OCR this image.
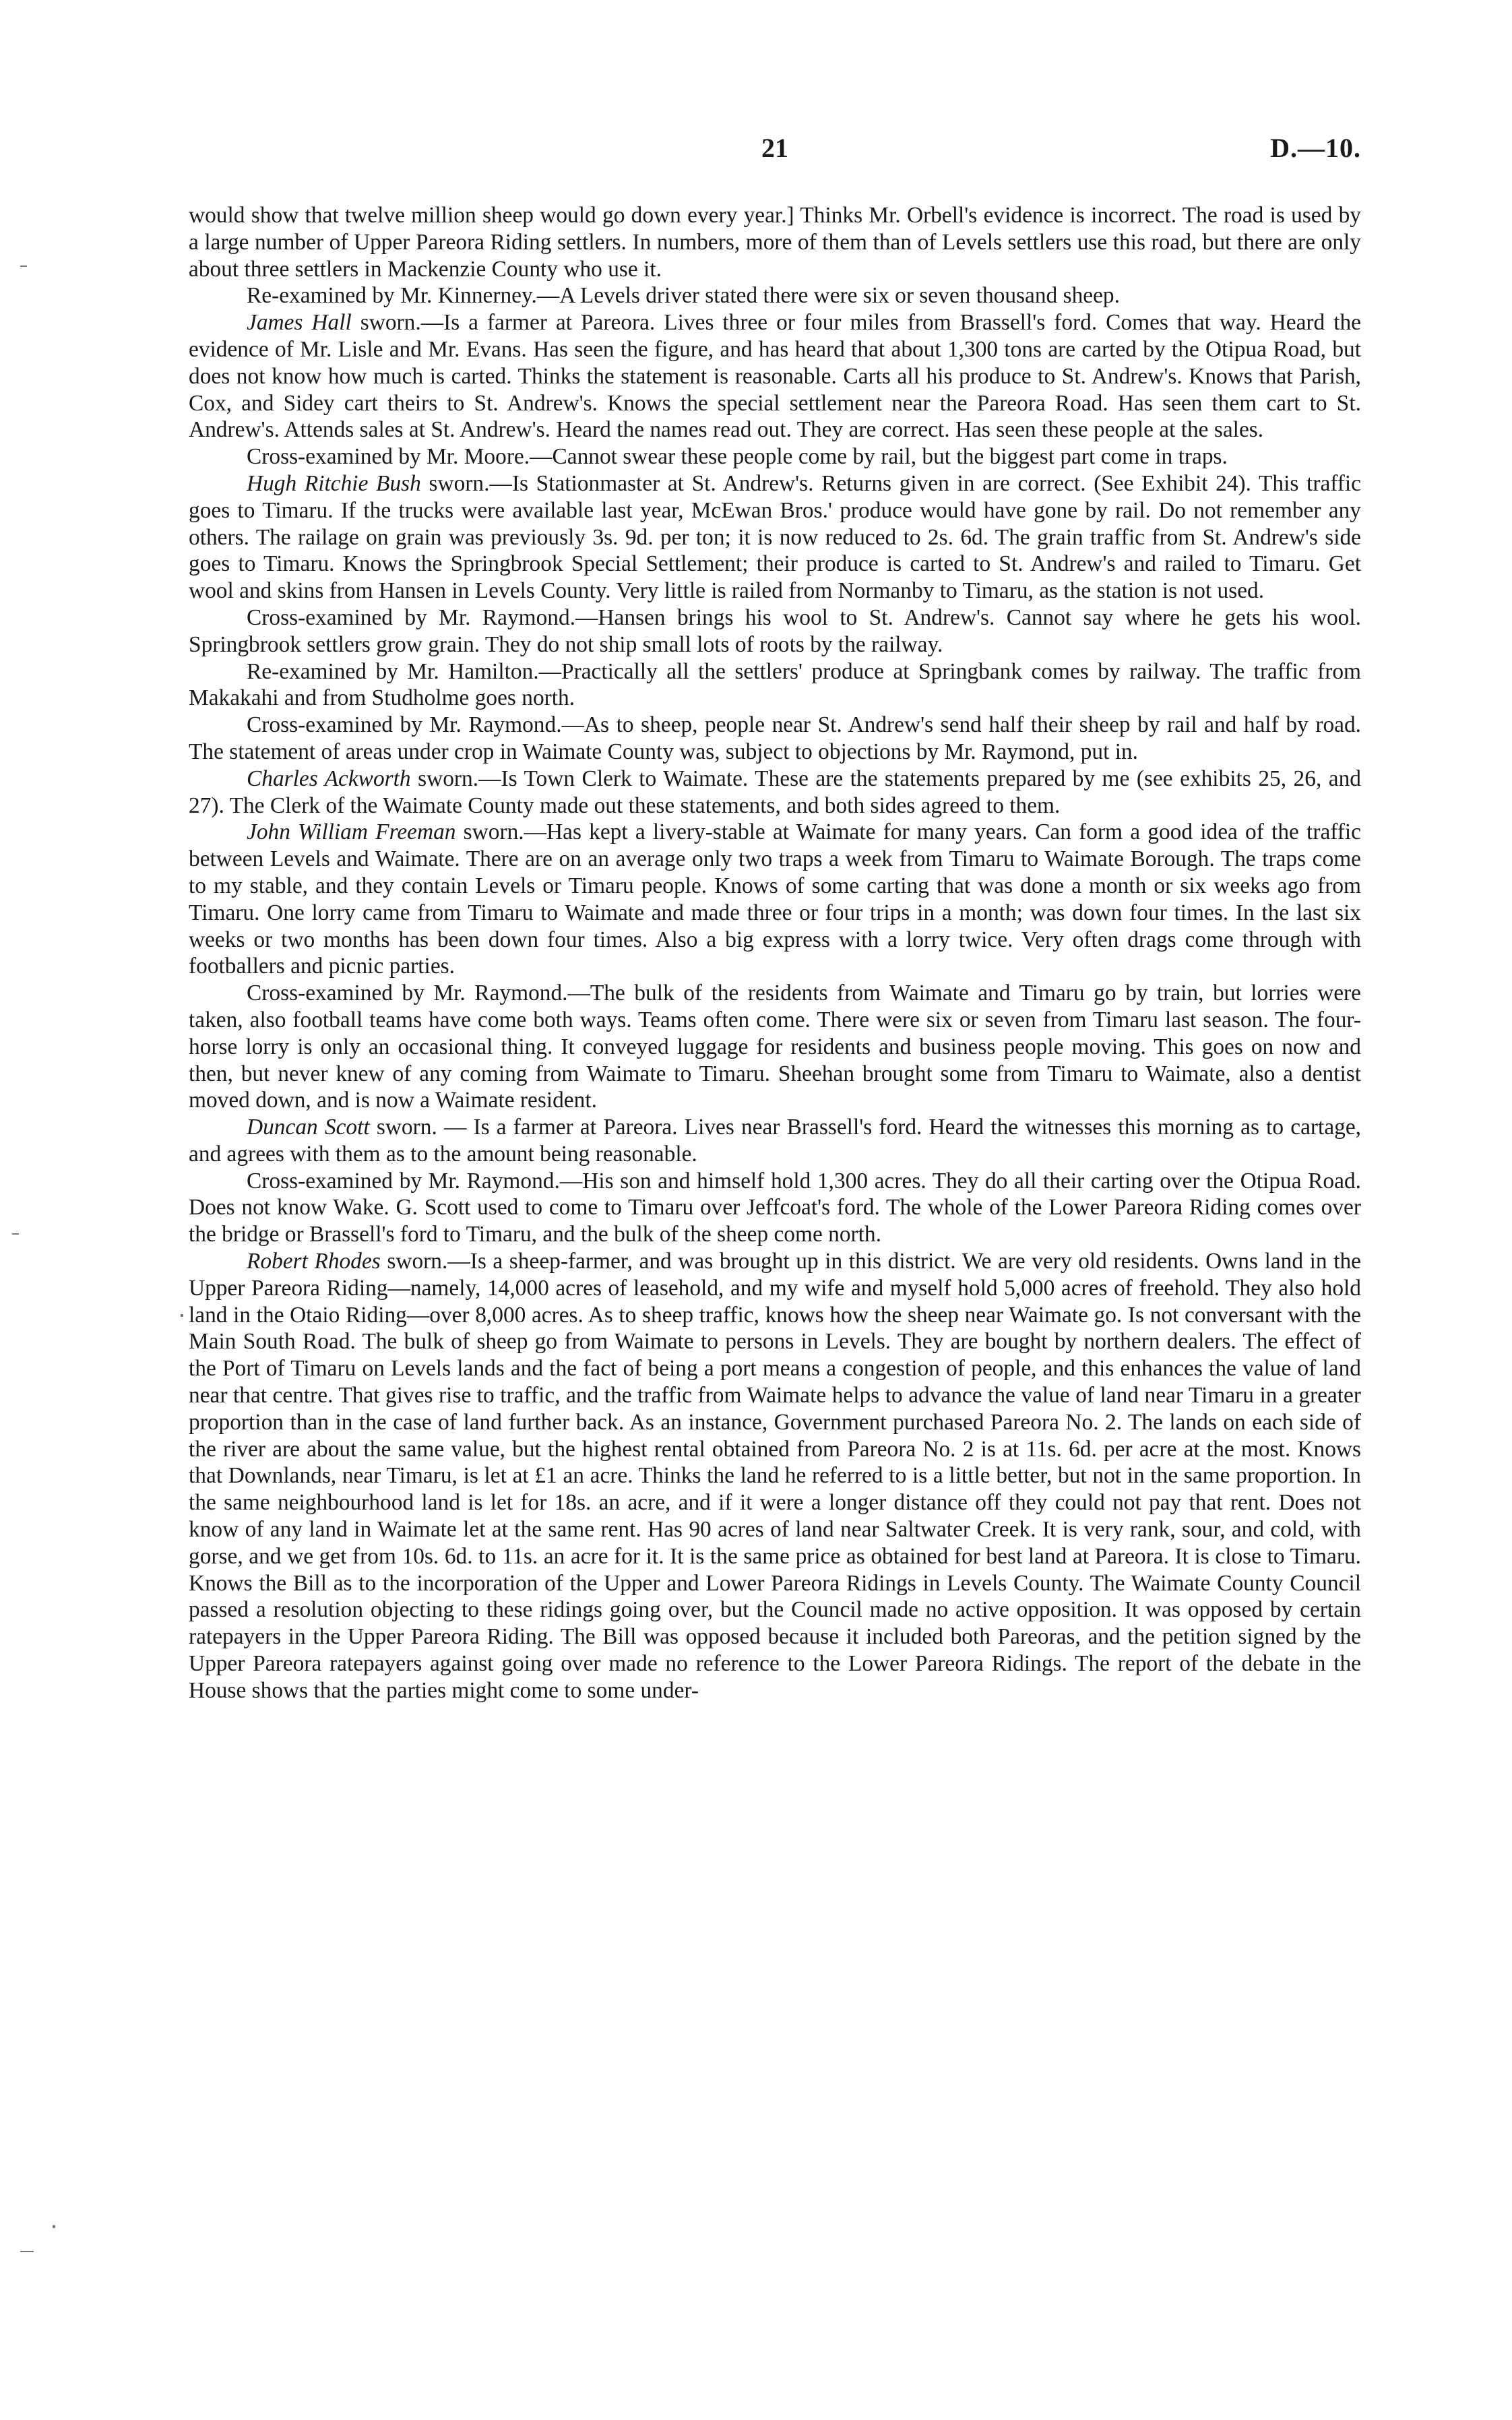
21	D.—10.

would show that twelve million sheep would go down every year.] Thinks Mr. Orbell's evidence is incorrect. The road is used by a large number of Upper Pareora Riding settlers. In numbers, more of them than of Levels settlers use this road, but there are only about three settlers in Mackenzie County who use it.

Re-examined by Mr. Kinnerney.—A Levels driver stated there were six or seven thousand sheep.

James Hall sworn.—Is a farmer at Pareora. Lives three or four miles from Brassell's ford. Comes that way. Heard the evidence of Mr. Lisle and Mr. Evans. Has seen the figure, and has heard that about 1,300 tons are carted by the Otipua Road, but does not know how much is carted. Thinks the statement is reasonable. Carts all his produce to St. Andrew's. Knows that Parish, Cox, and Sidey cart theirs to St. Andrew's. Knows the special settlement near the Pareora Road. Has seen them cart to St. Andrew's. Attends sales at St. Andrew's. Heard the names read out. They are correct. Has seen these people at the sales.

Cross-examined by Mr. Moore.—Cannot swear these people come by rail, but the biggest part come in traps.

Hugh Ritchie Bush sworn.—Is Stationmaster at St. Andrew's. Returns given in are correct. (See Exhibit 24). This traffic goes to Timaru. If the trucks were available last year, McEwan Bros.' produce would have gone by rail. Do not remember any others. The railage on grain was previously 3s. 9d. per ton; it is now reduced to 2s. 6d. The grain traffic from St. Andrew's side goes to Timaru. Knows the Springbrook Special Settlement; their produce is carted to St. Andrew's and railed to Timaru. Get wool and skins from Hansen in Levels County. Very little is railed from Normanby to Timaru, as the station is not used.

Cross-examined by Mr. Raymond.—Hansen brings his wool to St. Andrew's. Cannot say where he gets his wool. Springbrook settlers grow grain. They do not ship small lots of roots by the railway.

Re-examined by Mr. Hamilton.—Practically all the settlers' produce at Springbank comes by railway. The traffic from Makakahi and from Studholme goes north.

Cross-examined by Mr. Raymond.—As to sheep, people near St. Andrew's send half their sheep by rail and half by road. The statement of areas under crop in Waimate County was, subject to objections by Mr. Raymond, put in.

Charles Ackworth sworn.—Is Town Clerk to Waimate. These are the statements prepared by me (see exhibits 25, 26, and 27). The Clerk of the Waimate County made out these statements, and both sides agreed to them.

John William Freeman sworn.—Has kept a livery-stable at Waimate for many years. Can form a good idea of the traffic between Levels and Waimate. There are on an average only two traps a week from Timaru to Waimate Borough. The traps come to my stable, and they contain Levels or Timaru people. Knows of some carting that was done a month or six weeks ago from Timaru. One lorry came from Timaru to Waimate and made three or four trips in a month; was down four times. In the last six weeks or two months has been down four times. Also a big express with a lorry twice. Very often drags come through with footballers and picnic parties.

Cross-examined by Mr. Raymond.—The bulk of the residents from Waimate and Timaru go by train, but lorries were taken, also football teams have come both ways. Teams often come. There were six or seven from Timaru last season. The four-horse lorry is only an occasional thing. It conveyed luggage for residents and business people moving. This goes on now and then, but never knew of any coming from Waimate to Timaru. Sheehan brought some from Timaru to Waimate, also a dentist moved down, and is now a Waimate resident.

Duncan Scott sworn. — Is a farmer at Pareora. Lives near Brassell's ford. Heard the witnesses this morning as to cartage, and agrees with them as to the amount being reasonable.

Cross-examined by Mr. Raymond.—His son and himself hold 1,300 acres. They do all their carting over the Otipua Road. Does not know Wake. G. Scott used to come to Timaru over Jeffcoat's ford. The whole of the Lower Pareora Riding comes over the bridge or Brassell's ford to Timaru, and the bulk of the sheep come north.

Robert Rhodes sworn.—Is a sheep-farmer, and was brought up in this district. We are very old residents. Owns land in the Upper Pareora Riding—namely, 14,000 acres of leasehold, and my wife and myself hold 5,000 acres of freehold. They also hold land in the Otaio Riding—over 8,000 acres. As to sheep traffic, knows how the sheep near Waimate go. Is not conversant with the Main South Road. The bulk of sheep go from Waimate to persons in Levels. They are bought by northern dealers. The effect of the Port of Timaru on Levels lands and the fact of being a port means a congestion of people, and this enhances the value of land near that centre. That gives rise to traffic, and the traffic from Waimate helps to advance the value of land near Timaru in a greater proportion than in the case of land further back. As an instance, Government purchased Pareora No. 2. The lands on each side of the river are about the same value, but the highest rental obtained from Pareora No. 2 is at 11s. 6d. per acre at the most. Knows that Downlands, near Timaru, is let at £1 an acre. Thinks the land he referred to is a little better, but not in the same proportion. In the same neighbourhood land is let for 18s. an acre, and if it were a longer distance off they could not pay that rent. Does not know of any land in Waimate let at the same rent. Has 90 acres of land near Saltwater Creek. It is very rank, sour, and cold, with gorse, and we get from 10s. 6d. to 11s. an acre for it. It is the same price as obtained for best land at Pareora. It is close to Timaru. Knows the Bill as to the incorporation of the Upper and Lower Pareora Ridings in Levels County. The Waimate County Council passed a resolution objecting to these ridings going over, but the Council made no active opposition. It was opposed by certain ratepayers in the Upper Pareora Riding. The Bill was opposed because it included both Pareoras, and the petition signed by the Upper Pareora ratepayers against going over made no reference to the Lower Pareora Ridings. The report of the debate in the House shows that the parties might come to some under-
